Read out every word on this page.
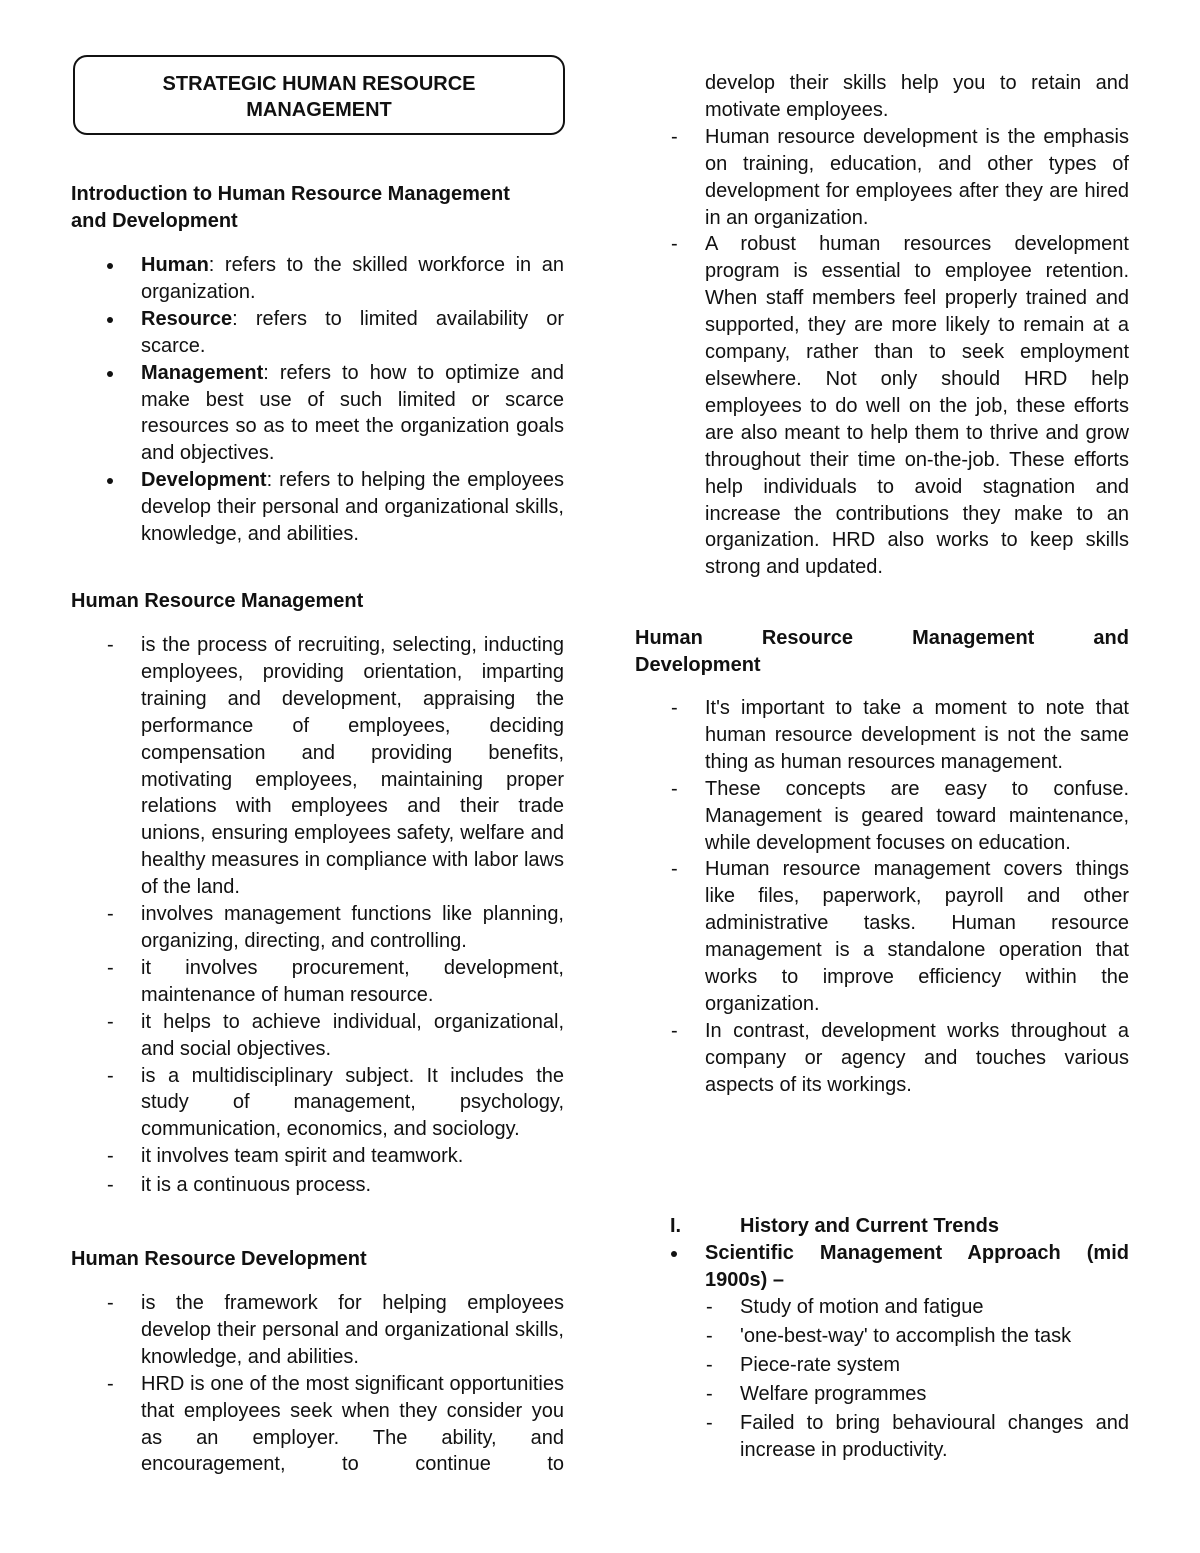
STRATEGIC HUMAN RESOURCE
MANAGEMENT
Introduction to Human Resource Management
and Development
Human: refers to the skilled workforce in an organization.
Resource: refers to limited availability or scarce.
Management: refers to how to optimize and make best use of such limited or scarce resources so as to meet the organization goals and objectives.
Development: refers to helping the employees develop their personal and organizational skills, knowledge, and abilities.
Human Resource Management
- is the process of recruiting, selecting, inducting employees, providing orientation, imparting training and development, appraising the performance of employees, deciding compensation and providing benefits, motivating employees, maintaining proper relations with employees and their trade unions, ensuring employees safety, welfare and healthy measures in compliance with labor laws of the land.
- involves management functions like planning, organizing, directing, and controlling.
- it involves procurement, development, maintenance of human resource.
- it helps to achieve individual, organizational, and social objectives.
- is a multidisciplinary subject. It includes the study of management, psychology, communication, economics, and sociology.
- it involves team spirit and teamwork.
- it is a continuous process.
Human Resource Development
- is the framework for helping employees develop their personal and organizational skills, knowledge, and abilities.
- HRD is one of the most significant opportunities that employees seek when they consider you as an employer. The ability, and encouragement, to continue to
develop their skills help you to retain and motivate employees.
- Human resource development is the emphasis on training, education, and other types of development for employees after they are hired in an organization.
- A robust human resources development program is essential to employee retention. When staff members feel properly trained and supported, they are more likely to remain at a company, rather than to seek employment elsewhere. Not only should HRD help employees to do well on the job, these efforts are also meant to help them to thrive and grow throughout their time on-the-job. These efforts help individuals to avoid stagnation and increase the contributions they make to an organization. HRD also works to keep skills strong and updated.
Human Resource Management and
Development
- It's important to take a moment to note that human resource development is not the same thing as human resources management.
- These concepts are easy to confuse. Management is geared toward maintenance, while development focuses on education.
- Human resource management covers things like files, paperwork, payroll and other administrative tasks. Human resource management is a standalone operation that works to improve efficiency within the organization.
- In contrast, development works throughout a company or agency and touches various aspects of its workings.
I.	History and Current Trends
Scientific Management Approach (mid 1900s) –
- Study of motion and fatigue
- 'one-best-way' to accomplish the task
- Piece-rate system
- Welfare programmes
- Failed to bring behavioural changes and increase in productivity.
